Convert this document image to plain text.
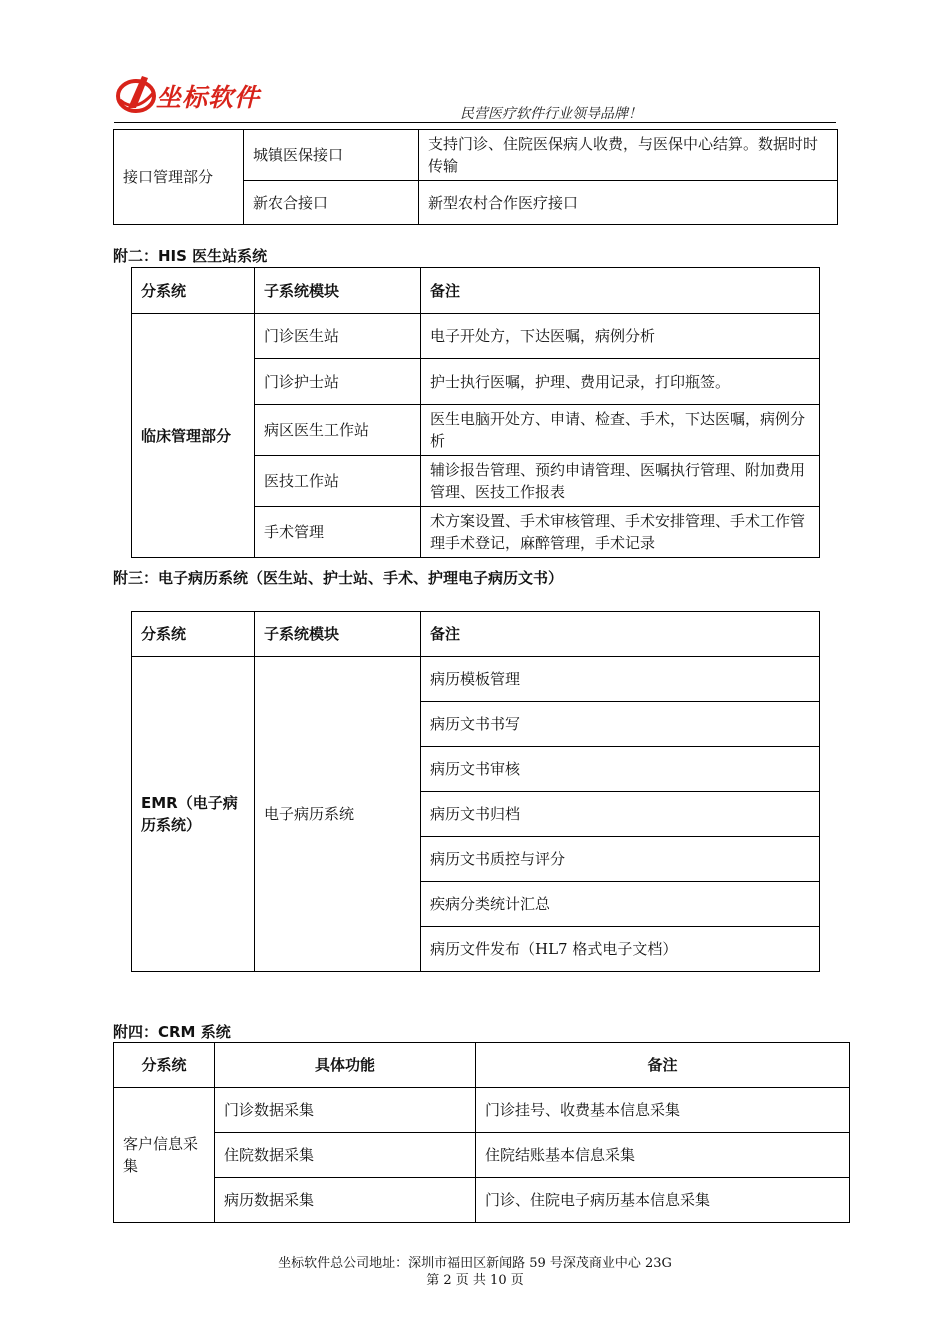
坐标软件
民营医疗软件行业领导品牌！
接口管理部分	城镇医保接口	支持门诊、住院医保病人收费，与医保中心结算。数据时时传输
	新农合接口	新型农村合作医疗接口
附二：HIS 医生站系统
分系统	子系统模块	备注
临床管理部分	门诊医生站	电子开处方，下达医嘱，病例分析
	门诊护士站	护士执行医嘱，护理、费用记录，打印瓶签。
	病区医生工作站	医生电脑开处方、申请、检查、手术，下达医嘱，病例分析
	医技工作站	辅诊报告管理、预约申请管理、医嘱执行管理、附加费用管理、医技工作报表
	手术管理	术方案设置、手术审核管理、手术安排管理、手术工作管理手术登记，麻醉管理，手术记录
附三：电子病历系统（医生站、护士站、手术、护理电子病历文书）
分系统	子系统模块	备注
EMR（电子病历系统）	电子病历系统	病历模板管理
		病历文书书写
		病历文书审核
		病历文书归档
		病历文书质控与评分
		疾病分类统计汇总
		病历文件发布（HL7 格式电子文档）
附四：CRM 系统
分系统	具体功能	备注
客户信息采集	门诊数据采集	门诊挂号、收费基本信息采集
	住院数据采集	住院结账基本信息采集
	病历数据采集	门诊、住院电子病历基本信息采集
坐标软件总公司地址：深圳市福田区新闻路 59 号深茂商业中心 23G
第 2 页 共 10 页
